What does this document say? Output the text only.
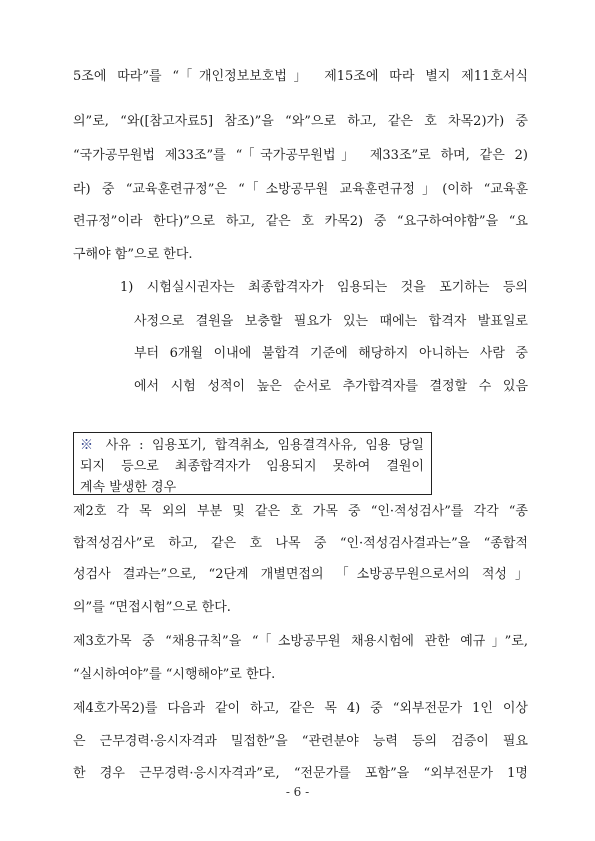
5조에 따라”를 “「개인정보보호법」 제15조에 따라 별지 제11호서식
의”로, “와([참고자료5] 참조)”을 “와”으로 하고, 같은 호 차목2)가) 중
“국가공무원법 제33조”를 “「국가공무원법」 제33조”로 하며, 같은 2)
라) 중 “교육훈련규정”은 “「소방공무원 교육훈련규정」(이하 “교육훈
련규정”이라 한다)”으로 하고, 같은 호 카목2) 중 “요구하여야함”을 “요
구해야 함”으로 한다.
1) 시험실시권자는 최종합격자가 임용되는 것을 포기하는 등의
사정으로 결원을 보충할 필요가 있는 때에는 합격자 발표일로
부터 6개월 이내에 불합격 기준에 해당하지 아니하는 사람 중
에서 시험 성적이 높은 순서로 추가합격자를 결정할 수 있음
※ 사유 : 임용포기, 합격취소, 임용결격사유, 임용 당일
되지 등으로 최종합격자가 임용되지 못하여 결원이
계속 발생한 경우
제2호 각 목 외의 부분 및 같은 호 가목 중 “인·적성검사”를 각각 “종
합적성검사”로 하고, 같은 호 나목 중 “인·적성검사결과는”을 “종합적
성검사 결과는”으로, “2단계 개별면접의 「소방공무원으로서의 적성」
의”를 “면접시험”으로 한다.
제3호가목 중 “채용규칙”을 “「소방공무원 채용시험에 관한 예규」”로,
“실시하여야”를 “시행해야”로 한다.
제4호가목2)를 다음과 같이 하고, 같은 목 4) 중 “외부전문가 1인 이상
은 근무경력·응시자격과 밀접한”을 “관련분야 능력 등의 검증이 필요
한 경우 근무경력·응시자격과”로, “전문가를 포함”을 “외부전문가 1명
- 6 -
